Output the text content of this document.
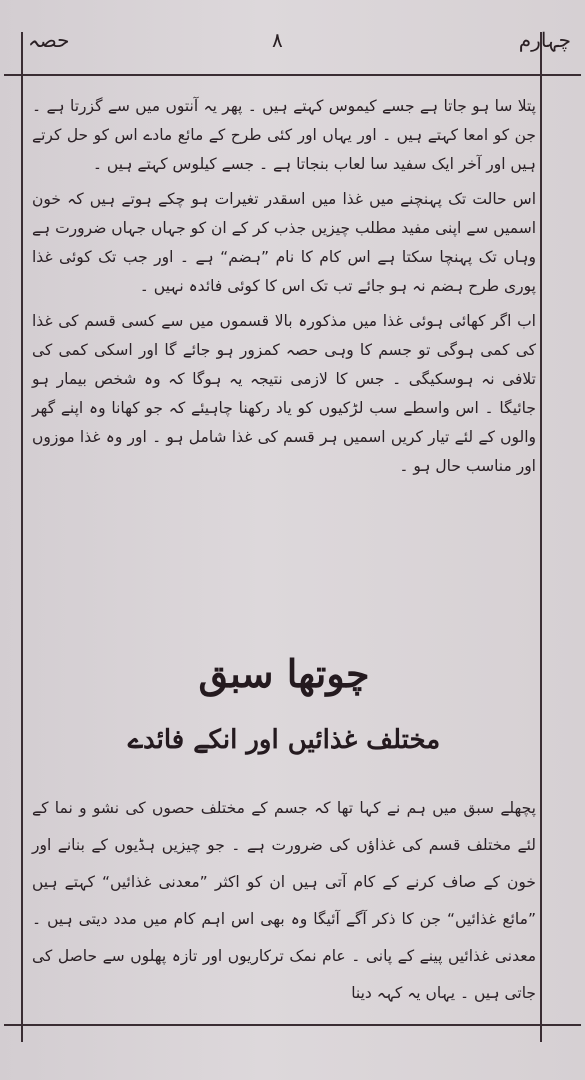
چہارم
۸
حصہ

پتلا سا ہو جاتا ہے جسے کیموس کہتے ہیں ۔ پھر یہ آنتوں میں سے گزرتا ہے ۔ جن کو امعا کہتے ہیں ۔ اور یہاں اور کئی طرح کے مائع مادے اس کو حل کرتے ہیں اور آخر ایک سفید سا لعاب بنجاتا ہے ۔ جسے کیلوس کہتے ہیں ۔

اس حالت تک پہنچنے میں غذا میں اسقدر تغیرات ہو چکے ہوتے ہیں کہ خون اسمیں سے اپنی مفید مطلب چیزیں جذب کر کے ان کو جہاں جہاں ضرورت ہے وہاں تک پہنچا سکتا ہے اس کام کا نام ”ہضم“ ہے ۔ اور جب تک کوئی غذا پوری طرح ہضم نہ ہو جائے تب تک اس کا کوئی فائدہ نہیں ۔

اب اگر کھائی ہوئی غذا میں مذکورہ بالا قسموں میں سے کسی قسم کی غذا کی کمی ہوگی تو جسم کا وہی حصہ کمزور ہو جائے گا اور اسکی کمی کی تلافی نہ ہوسکیگی ۔ جس کا لازمی نتیجہ یہ ہوگا کہ وہ شخص بیمار ہو جائیگا ۔ اس واسطے سب لڑکیوں کو یاد رکھنا چاہیئے کہ جو کھانا وہ اپنے گھر والوں کے لئے تیار کریں اسمیں ہر قسم کی غذا شامل ہو ۔ اور وہ غذا موزوں اور مناسب حال ہو ۔

چوتھا سبق
مختلف غذائیں اور انکے فائدے

پچھلے سبق میں ہم نے کہا تھا کہ جسم کے مختلف حصوں کی نشو و نما کے لئے مختلف قسم کی غذاؤں کی ضرورت ہے ۔ جو چیزیں ہڈیوں کے بنانے اور خون کے صاف کرنے کے کام آتی ہیں ان کو اکثر ”معدنی غذائیں“ کہتے ہیں ”مائع غذائیں“ جن کا ذکر آگے آئیگا وہ بھی اس اہم کام میں مدد دیتی ہیں ۔ معدنی غذائیں پینے کے پانی ۔ عام نمک ترکاریوں اور تازہ پھلوں سے حاصل کی جاتی ہیں ۔ یہاں یہ کہہ دینا
